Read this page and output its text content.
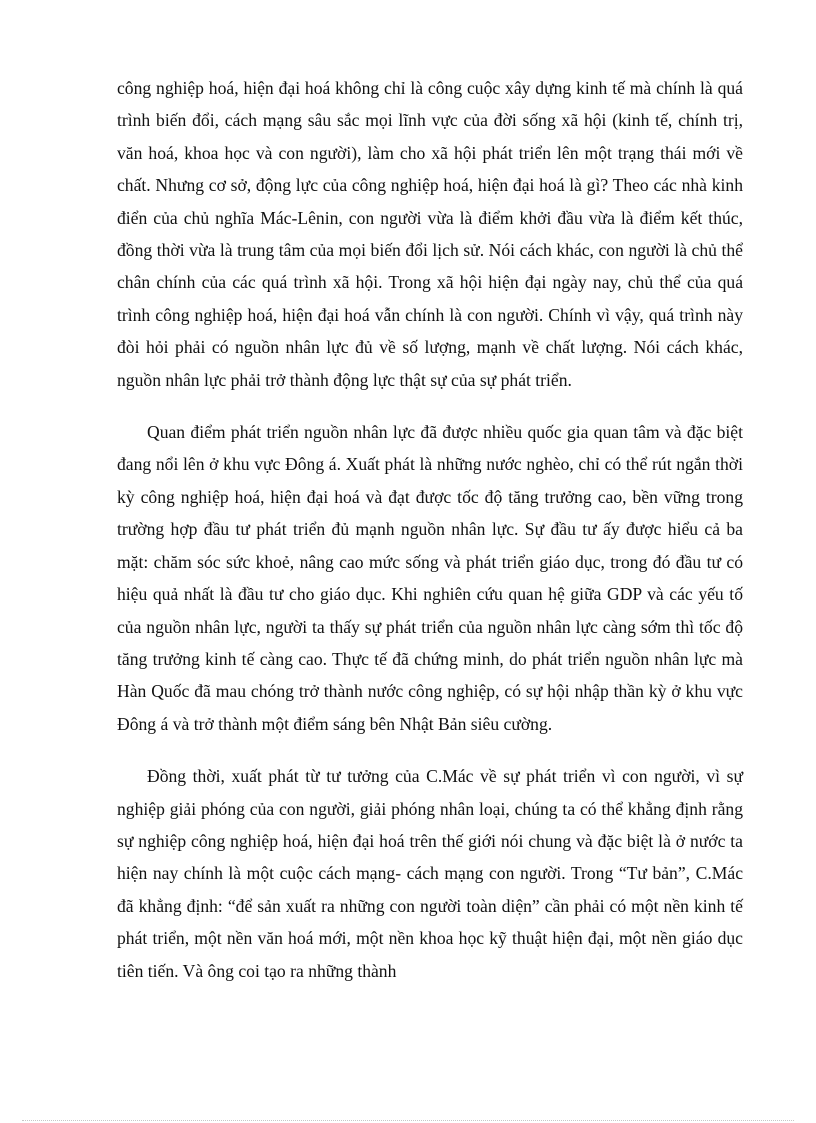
công nghiệp hoá, hiện đại hoá không chỉ là công cuộc xây dựng kinh tế mà chính là quá trình biến đổi, cách mạng sâu sắc mọi lĩnh vực của đời sống xã hội (kinh tế, chính trị, văn hoá, khoa học và con người), làm cho xã hội phát triển lên một trạng thái mới về chất. Nhưng cơ sở, động lực của công nghiệp hoá, hiện đại hoá là gì? Theo các nhà kinh điển của chủ nghĩa Mác-Lênin, con người vừa là điểm khởi đầu vừa là điểm kết thúc, đồng thời vừa là trung tâm của mọi biến đổi lịch sử. Nói cách khác, con người là chủ thể chân chính của các quá trình xã hội. Trong xã hội hiện đại ngày nay, chủ thể của quá trình công nghiệp hoá, hiện đại hoá vẫn chính là con người. Chính vì vậy, quá trình này đòi hỏi phải có nguồn nhân lực đủ về số lượng, mạnh về chất lượng. Nói cách khác, nguồn nhân lực phải trở thành động lực thật sự của sự phát triển.

Quan điểm phát triển nguồn nhân lực đã được nhiều quốc gia quan tâm và đặc biệt đang nổi lên ở khu vực Đông á. Xuất phát là những nước nghèo, chỉ có thể rút ngắn thời kỳ công nghiệp hoá, hiện đại hoá và đạt được tốc độ tăng trưởng cao, bền vững trong trường hợp đầu tư phát triển đủ mạnh nguồn nhân lực. Sự đầu tư ấy được hiểu cả ba mặt: chăm sóc sức khoẻ, nâng cao mức sống và phát triển giáo dục, trong đó đầu tư có hiệu quả nhất là đầu tư cho giáo dục. Khi nghiên cứu quan hệ giữa GDP và các yếu tố của nguồn nhân lực, người ta thấy sự phát triển của nguồn nhân lực càng sớm thì tốc độ tăng trưởng kinh tế càng cao. Thực tế đã chứng minh, do phát triển nguồn nhân lực mà Hàn Quốc đã mau chóng trở thành nước công nghiệp, có sự hội nhập thần kỳ ở khu vực Đông á và trở thành một điểm sáng bên Nhật Bản siêu cường.

Đồng thời, xuất phát từ tư tưởng của C.Mác về sự phát triển vì con người, vì sự nghiệp giải phóng của con người, giải phóng nhân loại, chúng ta có thể khẳng định rằng sự nghiệp công nghiệp hoá, hiện đại hoá trên thế giới nói chung và đặc biệt là ở nước ta hiện nay chính là một cuộc cách mạng- cách mạng con người. Trong “Tư bản”, C.Mác đã khẳng định: “để sản xuất ra những con người toàn diện” cần phải có một nền kinh tế phát triển, một nền văn hoá mới, một nền khoa học kỹ thuật hiện đại, một nền giáo dục tiên tiến. Và ông coi tạo ra những thành
